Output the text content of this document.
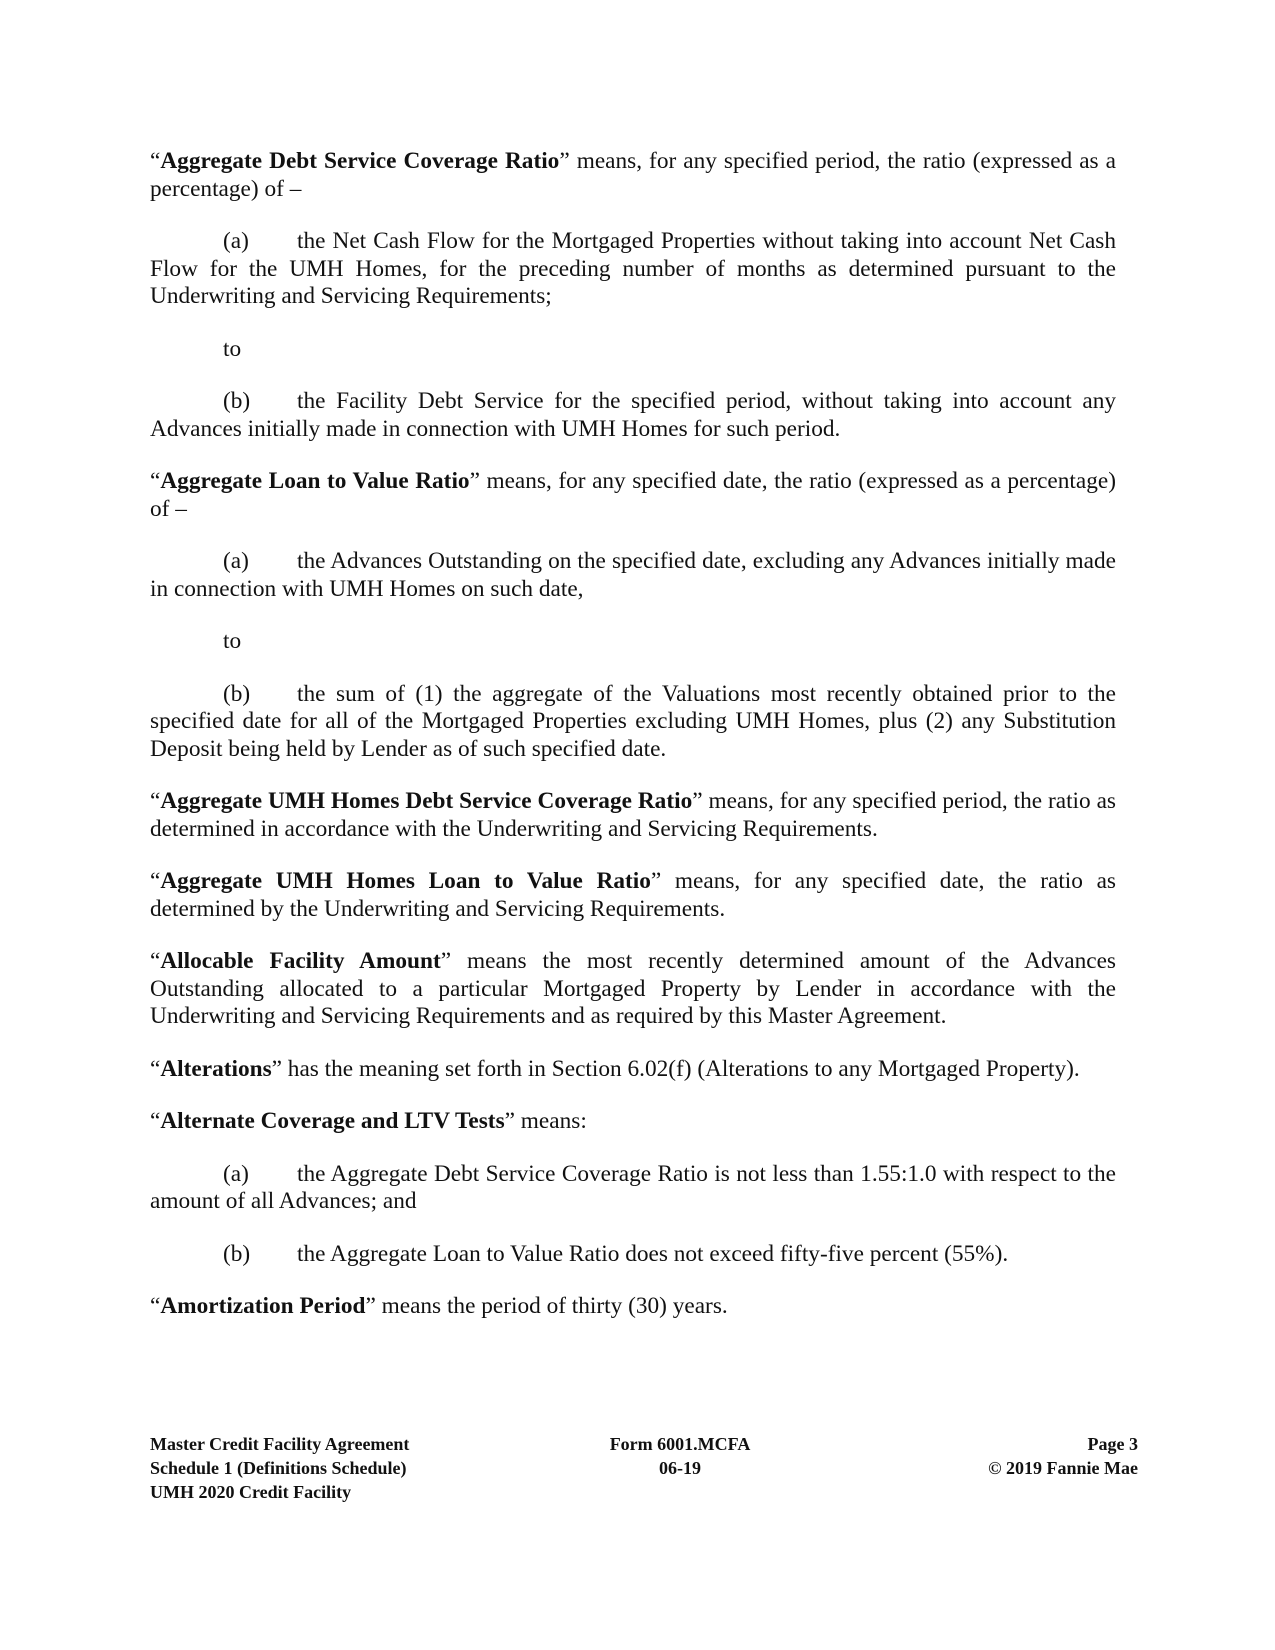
“Aggregate Debt Service Coverage Ratio” means, for any specified period, the ratio (expressed as a percentage) of –

(a) the Net Cash Flow for the Mortgaged Properties without taking into account Net Cash Flow for the UMH Homes, for the preceding number of months as determined pursuant to the Underwriting and Servicing Requirements;

to

(b) the Facility Debt Service for the specified period, without taking into account any Advances initially made in connection with UMH Homes for such period.

“Aggregate Loan to Value Ratio” means, for any specified date, the ratio (expressed as a percentage) of –

(a) the Advances Outstanding on the specified date, excluding any Advances initially made in connection with UMH Homes on such date,

to

(b) the sum of (1) the aggregate of the Valuations most recently obtained prior to the specified date for all of the Mortgaged Properties excluding UMH Homes, plus (2) any Substitution Deposit being held by Lender as of such specified date.

“Aggregate UMH Homes Debt Service Coverage Ratio” means, for any specified period, the ratio as determined in accordance with the Underwriting and Servicing Requirements.

“Aggregate UMH Homes Loan to Value Ratio” means, for any specified date, the ratio as determined by the Underwriting and Servicing Requirements.

“Allocable Facility Amount” means the most recently determined amount of the Advances Outstanding allocated to a particular Mortgaged Property by Lender in accordance with the Underwriting and Servicing Requirements and as required by this Master Agreement.

“Alterations” has the meaning set forth in Section 6.02(f) (Alterations to any Mortgaged Property).

“Alternate Coverage and LTV Tests” means:

(a) the Aggregate Debt Service Coverage Ratio is not less than 1.55:1.0 with respect to the amount of all Advances; and

(b) the Aggregate Loan to Value Ratio does not exceed fifty-five percent (55%).

“Amortization Period” means the period of thirty (30) years.

Master Credit Facility Agreement
Schedule 1 (Definitions Schedule)
UMH 2020 Credit Facility
Form 6001.MCFA
06-19
Page 3
© 2019 Fannie Mae
